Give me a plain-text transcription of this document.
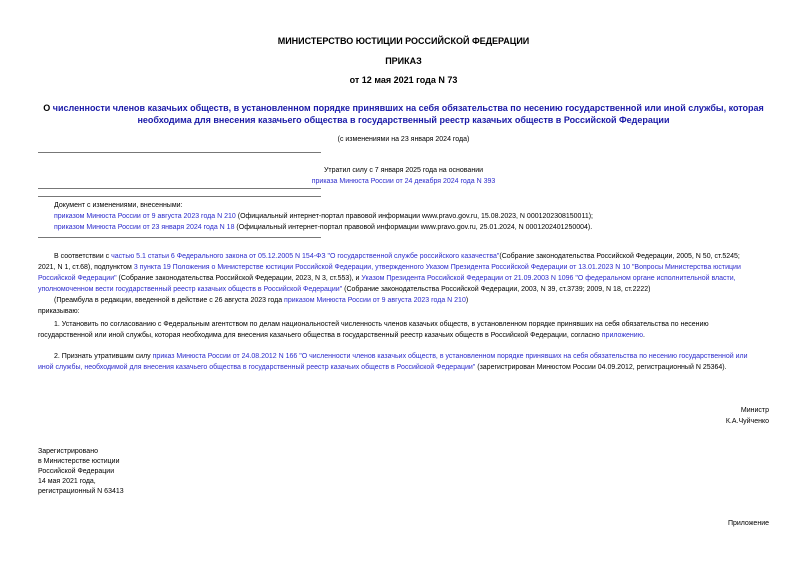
МИНИСТЕРСТВО ЮСТИЦИИ РОССИЙСКОЙ ФЕДЕРАЦИИ
ПРИКАЗ
от 12 мая 2021 года N 73
О численности членов казачьих обществ, в установленном порядке принявших на себя обязательства по несению государственной или иной службы, которая
необходима для внесения казачьего общества в государственный реестр казачьих обществ в Российской Федерации
(с изменениями на 23 января 2024 года)
Утратил силу с 7 января 2025 года на основании
приказа Минюста России от 24 декабря 2024 года N 393
Документ с изменениями, внесенными:
приказом Минюста России от 9 августа 2023 года N 210 (Официальный интернет-портал правовой информации www.pravo.gov.ru, 15.08.2023, N 0001202308150011);
приказом Минюста России от 23 января 2024 года N 18 (Официальный интернет-портал правовой информации www.pravo.gov.ru, 25.01.2024, N 0001202401250004).
В соответствии с частью 5.1 статьи 6 Федерального закона от 05.12.2005 N 154-ФЗ "О государственной службе российского казачества"(Собрание законодательства Российской Федерации, 2005, N 50, ст.5245;
2021, N 1, ст.68), подпунктом 3 пункта 19 Положения о Министерстве юстиции Российской Федерации, утвержденного Указом Президента Российской Федерации от 13.01.2023 N 10 "Вопросы Министерства юстиции
Российской Федерации" (Собрание законодательства Российской Федерации, 2023, N 3, ст.553), и Указом Президента Российской Федерации от 21.09.2003 N 1096 "О федеральном органе исполнительной власти,
уполномоченном вести государственный реестр казачьих обществ в Российской Федерации" (Собрание законодательства Российской Федерации, 2003, N 39, ст.3739; 2009, N 18, ст.2222)
(Преамбула в редакции, введенной в действие с 26 августа 2023 года приказом Минюста России от 9 августа 2023 года N 210)
приказываю:
1. Установить по согласованию с Федеральным агентством по делам национальностей численность членов казачьих обществ, в установленном порядке принявших на себя обязательства по несению
государственной или иной службы, которая необходима для внесения казачьего общества в государственный реестр казачьих обществ в Российской Федерации, согласно приложению.
2. Признать утратившим силу приказ Минюста России от 24.08.2012 N 166 "О численности членов казачьих обществ, в установленном порядке принявших на себя обязательства по несению государственной или
иной службы, необходимой для внесения казачьего общества в государственный реестр казачьих обществ в Российской Федерации" (зарегистрирован Минюстом России 04.09.2012, регистрационный N 25364).
Министр
К.А.Чуйченко
Зарегистрировано
в Министерстве юстиции
Российской Федерации
14 мая 2021 года,
регистрационный N 63413
Приложение
